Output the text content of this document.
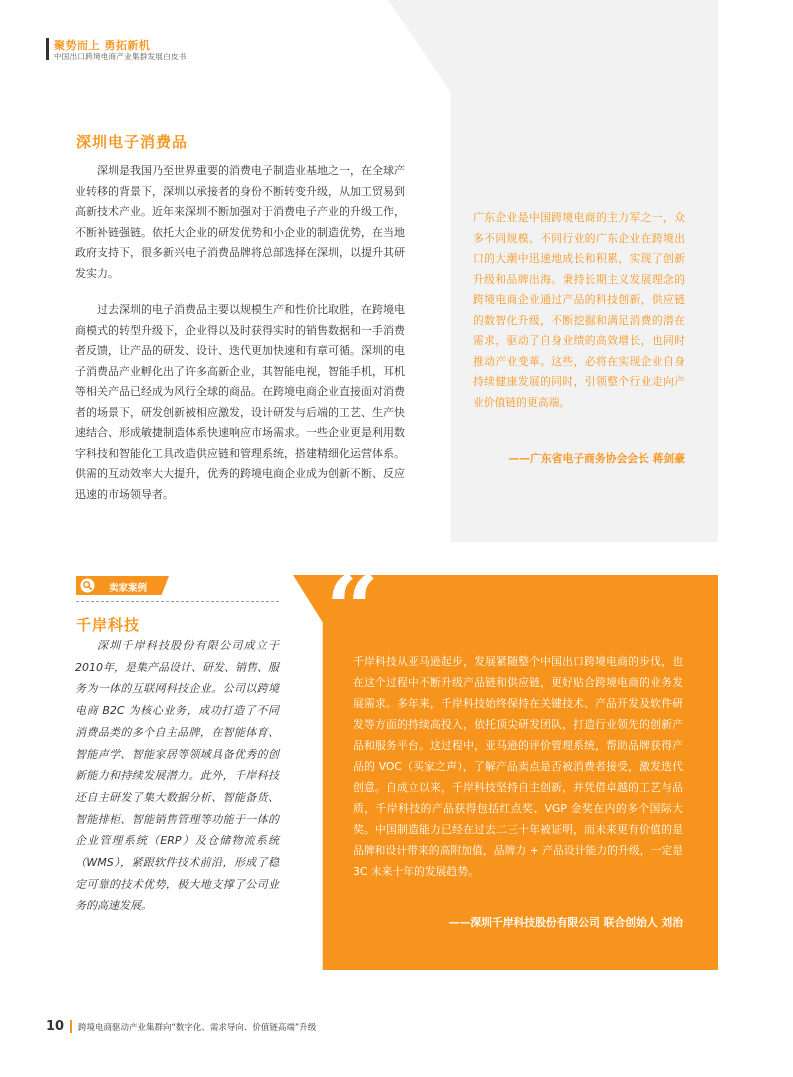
聚势而上 勇拓新机
中国出口跨境电商产业集群发展白皮书
深圳电子消费品

深圳是我国乃至世界重要的消费电子制造业基地之一，在全球产业转移的背景下，深圳以承接者的身份不断转变升级，从加工贸易到高新技术产业。近年来深圳不断加强对于消费电子产业的升级工作，不断补链强链。依托大企业的研发优势和小企业的制造优势，在当地政府支持下，很多新兴电子消费品牌将总部选择在深圳，以提升其研发实力。

过去深圳的电子消费品主要以规模生产和性价比取胜，在跨境电商模式的转型升级下，企业得以及时获得实时的销售数据和一手消费者反馈，让产品的研发、设计、迭代更加快速和有章可循。深圳的电子消费品产业孵化出了许多高新企业，其智能电视，智能手机，耳机等相关产品已经成为风行全球的商品。在跨境电商企业直接面对消费者的场景下，研发创新被相应激发，设计研发与后端的工艺、生产快速结合、形成敏捷制造体系快速响应市场需求。一些企业更是利用数字科技和智能化工具改造供应链和管理系统，搭建精细化运营体系。供需的互动效率大大提升，优秀的跨境电商企业成为创新不断、反应迅速的市场领导者。

广东企业是中国跨境电商的主力军之一，众多不同规模、不同行业的广东企业在跨境出口的大潮中迅速地成长和积累，实现了创新升级和品牌出海。秉持长期主义发展理念的跨境电商企业通过产品的科技创新，供应链的数智化升级，不断挖掘和满足消费的潜在需求，驱动了自身业绩的高效增长，也同时推动产业变革。这些，必将在实现企业自身持续健康发展的同时，引领整个行业走向产业价值链的更高端。
——广东省电子商务协会会长 蒋剑豪
卖家案例
千岸科技

深圳千岸科技股份有限公司成立于2010年，是集产品设计、研发、销售、服务为一体的互联网科技企业。公司以跨境电商 B2C 为核心业务，成功打造了不同消费品类的多个自主品牌，在智能体育、智能声学、智能家居等领域具备优秀的创新能力和持续发展潜力。此外，千岸科技还自主研发了集大数据分析、智能备货、智能排柜、智能销售管理等功能于一体的企业管理系统（ERP）及仓储物流系统（WMS），紧跟软件技术前沿，形成了稳定可靠的技术优势，极大地支撑了公司业务的高速发展。

“
千岸科技从亚马逊起步，发展紧随整个中国出口跨境电商的步伐，也在这个过程中不断升级产品链和供应链，更好贴合跨境电商的业务发展需求。多年来，千岸科技始终保持在关键技术、产品开发及软件研发等方面的持续高投入，依托顶尖研发团队，打造行业领先的创新产品和服务平台。这过程中，亚马逊的评价管理系统，帮助品牌获得产品的 VOC（买家之声），了解产品卖点是否被消费者接受，激发迭代创意。自成立以来，千岸科技坚持自主创新，并凭借卓越的工艺与品质，千岸科技的产品获得包括红点奖、VGP 金奖在内的多个国际大奖。中国制造能力已经在过去二三十年被证明，而未来更有价值的是品牌和设计带来的高附加值，品牌力 + 产品设计能力的升级，一定是 3C 未来十年的发展趋势。
——深圳千岸科技股份有限公司 联合创始人 刘治
10 跨境电商驱动产业集群向“数字化、需求导向、价值链高端”升级
